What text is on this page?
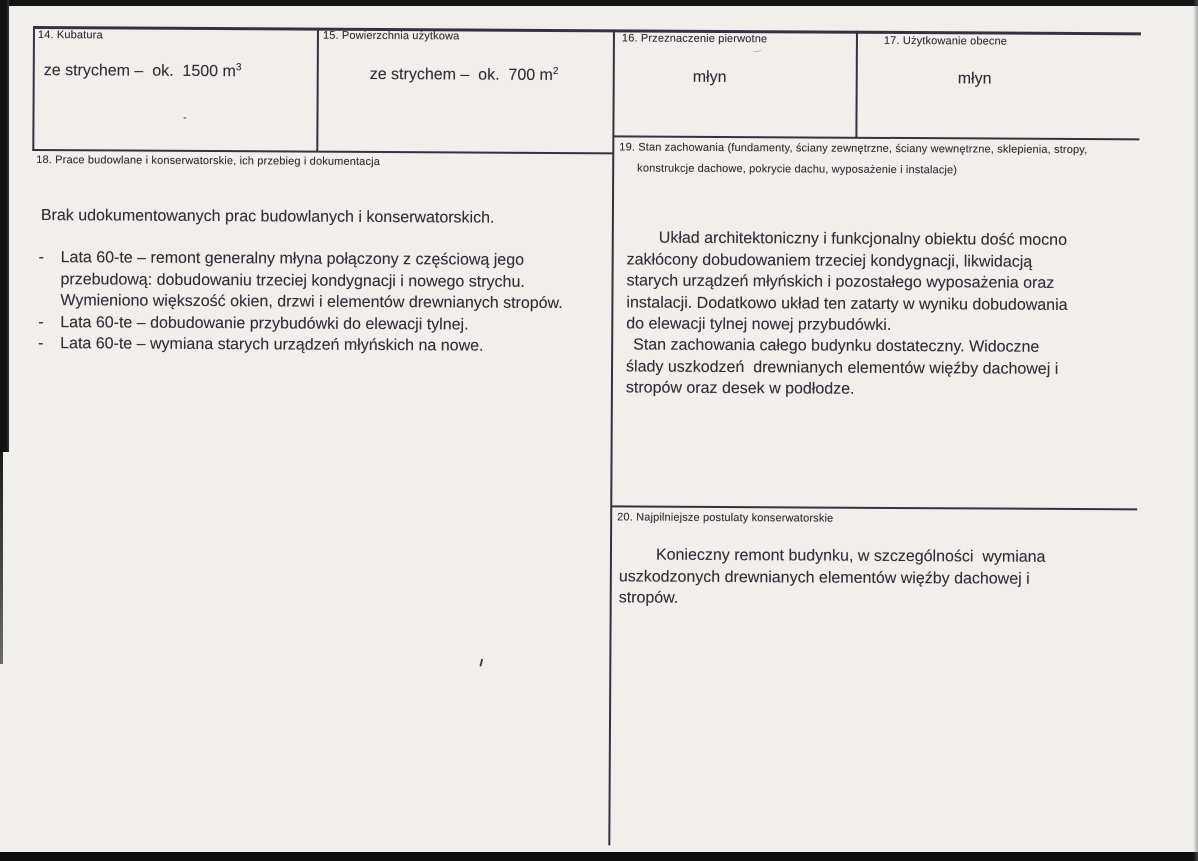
14. Kubatura
ze strychem –  ok.  1500 $m^3$
15. Powierzchnia użytkowa
ze strychem –  ok.  700 $m^2$
16. Przeznaczenie pierwotne
młyn
17. Użytkowanie obecne
młyn
18. Prace budowlane i konserwatorskie, ich przebieg i dokumentacja
Brak udokumentowanych prac budowlanych i konserwatorskich.
-	Lata 60-te – remont generalny młyna połączony z częściową jego
przebudową: dobudowaniu trzeciej kondygnacji i nowego strychu.
Wymieniono większość okien, drzwi i elementów drewnianych stropów.
-	Lata 60-te – dobudowanie przybudówki do elewacji tylnej.
-	Lata 60-te – wymiana starych urządzeń młyńskich na nowe.
19. Stan zachowania (fundamenty, ściany zewnętrzne, ściany wewnętrzne, sklepienia, stropy,
konstrukcje dachowe, pokrycie dachu, wyposażenie i instalacje)
Układ architektoniczny i funkcjonalny obiektu dość mocno
zakłócony dobudowaniem trzeciej kondygnacji, likwidacją
starych urządzeń młyńskich i pozostałego wyposażenia oraz
instalacji. Dodatkowo układ ten zatarty w wyniku dobudowania
do elewacji tylnej nowej przybudówki.
Stan zachowania całego budynku dostateczny. Widoczne
ślady uszkodzeń  drewnianych elementów więźby dachowej i
stropów oraz desek w podłodze.
20. Najpilniejsze postulaty konserwatorskie
Konieczny remont budynku, w szczególności  wymiana
uszkodzonych drewnianych elementów więźby dachowej i
stropów.
